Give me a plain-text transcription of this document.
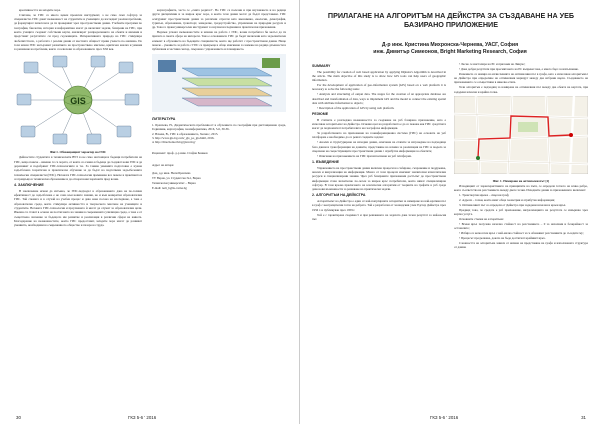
креативността на младите хора.

Считаме, че ГИС са много ценен проектен инструмент, а не само скъп софтуер за специалисти. ГИС дават възможност на студентите и учениците да изследват реални проблеми, да формулират хипотези и да ги проверяват чрез пространствени данни. Учебните програми по география, биология, история и информатика могат да включват задачи, базирани на ГИС, при които учащите създават собствени карти, анализират разпределението на обекти и явления и представят резултатите си пред съучениците. Интерактивната природа на ГИС стимулира любопитството, а работата с реални данни от местната общност прави ученето по-значимо. По този начин ГИС насърчават развитието на пространствено мислене, критичен анализ и умения за решаване на проблеми, които са ключови за образованието през XXI век.

GIS

Фиг.1. Обхващащият характер на ГИС

Дейностите студентите в техническите ВУЗ за не само настоящи и бъдещи потребители на ГИС, нещо повече – именно те са хората, от които се очаква в бъдеще да създават нови ГИС и да доразвиват и подобряват ГИС-технологиите и т.н. За такива уменията подготовка е нужна задълбочена теоретична и практическа обучение за да бъдат на подготвени задълбочените технически специалисти (ГИС). Неговата ГИС-технология преминава все повече в практиката и се превръща в технически образование и да отвори нови хоризонти пред всеки.

4. ЗАКЛЮЧЕНИЕ

В заключение искам да изтъкна, че ГИС-подходът в образованието дава не по-голяма ефективност до задълбочава е не само към новите знания, но и към конкретни образователни ГИС. Той спомага и в случай на учебен процес и дава нова посока на изследване, а това е образователна среда, която стимулира активността и творческото мислене на учениците и студентите. Неговата ГИС-технология и проучването ѝ могат да служат за образователни цели. Именно те стават в основа на постигането на знания в съвременната училищна среда, а това е от съществено значение за бъдещото им развитие и реализация в различни сфери на живота. Благодарение на възможностите, които ГИС предоставят, младите хора могат да развиват уменията, необходими на съвременното общество и пазара на труда.

картографията, често се „смята родител". Но ГИС са полезни и при изучаването и на редица други дисциплини и за широк кръг хора, в които тези данни могат да бъдат представени. ГИС осигуряват пространствени данни за различни отрасли като икономика, екология, демография, туризъм, образование, транспорт, земеделие, градоустройство, управление на природни ресурси и др. Това го прави универсален инструмент за научни изследвания и практически приложения.

Веднъж усвоил възможностите и начина на работа с ГИС, всеки потребител би могъл да ги прилага в своята сфера на интереси. Това е основанието ГИС да бъдат включени като задължителен елемент в обучението на бъдещите специалисти, които ще работят с пространствени данни. Нещо повече – умението за работа с ГИС се превръща в общо изискване за заемане на редица длъжности в публичния и частния сектор, свързани с управлението и планирането.

ЛИТЕРАТУРА

1. Бранчева, Н., Дидактическата проблемност в обучението по географии при дистанционна среда, Годишник, картография, геоинформатика, 2016, 5-6, 30-36.
2. Вачева, В., ГИС в образованието, Хелиос, 2015.
3. http://www.gis-bg.com/_gis_po_gis.html, 2016.
4. http://directiontech.bg/gisvet.bg/

Рецензент: проф. д-р инж. Стефан Божков

Адрес на автора:

Доц. д-р инж. Нели Бранчева

ТУ Варна, ул. Студентска №1, Варна

Технически университет – Варна

E-mail: neli_b@tu-varna.bg

30	ГКЗ 5-6 ' 2016
ПРИЛАГАНЕ НА АЛГОРИТЪМ НА ДЕЙКСТРА ЗА СЪЗДАВАНЕ НА УЕБ БАЗИРАНО ПРИЛОЖЕНИЕ
Д-р инж. Кристина Михронска-Чернева, УАСГ, София
инж. Димитър Симеонов, Bright Marketing Research, София

SUMMARY

The possibility for creation of web based application by applying Dijkstra's Algorithm is described in the article. The main objective of this study is to show how GIS tools can help users of geographic information.

For the development of application of geo-information system (GIS) based on a web platform it is necessary to solve the following tasks:

• Analysis and structuring of output data. The stages for the creation of an appropriate database are described and transformation of data, ways to implement GIS and the model to connect the existing spatial data with attribute information to objects;

• Description of the application of GIS by using web platform.

РЕЗЮМЕ

В статията е разгледана възможността за създаване на уеб базирано приложение, като е използван алгоритъмът на Дейкстра. Основна цел на разработката е да се покаже как ГИС средствата могат да подпомогнат потребителите на географска информация.

За разработването на приложение на геоинформационна система (ГИС) на основата на уеб платформа е необходимо да се решат следните задачи:

• Анализ и структуриране на изходни данни, описание на етапите за изграждане на подходяща база данни и трансформация на данните, представяне на начина за реализация на ГИС и модела за свързване на съществуващите пространствени данни с атрибутна информация за обектите;

• Описание на приложението на ГИС при използване на уеб платформа.

1. ВЪВЕДЕНИЕ

Управлението на пространствени данни включва процеси на събиране, съхранение и поддръжка, анализ и визуализация на информация. Много от тези процеси изискват значителни изчислителни ресурси и специализирани знания. Чрез уеб базираните приложения достъпът до пространствена информация става значително по-лесен за широк кръг потребители, които нямат специализиран софтуер. В тази връзка прилагането на класически алгоритми от теорията на графите в уеб среда дава нови възможности за решаване на практически задачи.

2. АЛГОРИТЪМ НА ДЕЙКСТРА

Алгоритъмът на Дейкстра е един от най-популярните алгоритми за намиране на най-краткия път в граф с неотрицателни тегла на ребрата. Той е разработен от холандския учен Едсгер Дейкстра през 1956 г. и публикуван през 1959 г.

Той е с гарантирана сходимост и при решаването на задачата дава точен резултат за най-късия път.

• Лесно се инсталира на PC и приложи на Линукс;

• Дава добри резултати при пресмятането на PC въпреки това, е много бърз за изпълнение.

Решението се намира на изчисленията на оптималния път в графа, като е използван алгоритъмът на Дейкстра при определяне на оптималния маршрут между два избрани върха. Създаването на приложението се осъществява в няколко етапа.

Този алгоритъм е подходящ за намиране на оптималния път между два обекта на картата, при зададени начална и крайна точка.

Фиг. 1. Намиране на оптимален път [1]

Изходящият от характеристиките на принципите на пътя, се определя теглото на всяко ребро, което съответства на разстоянието между двете точки. Изходните данни за приложението включват:

1. Транспортна мрежа – свързан граф;

2. Адреси – точки, които имат обща геометрия и атрибутна информация;

3. Оптималният път се определя от Дейкстра при зададени начален и краен връх.

Предвид това, че средата е уеб приложение, визуализацията на резултата се извършва чрез картна услуга.

Основните стъпки на алгоритъма:

• Всеки връх получава начална стойност на разстоянието – 0 за началния и безкрайност за останалите;

• Избира се непосетен връх с най-малка стойност и се обновяват разстоянията до съседите му;

• Процесът продължава, докато не бъде достигнат крайният връх.

Сложността на алгоритъма зависи от начина на представяне на графа и използваната структура от данни.

ГКЗ 5-6 ' 2016	31
